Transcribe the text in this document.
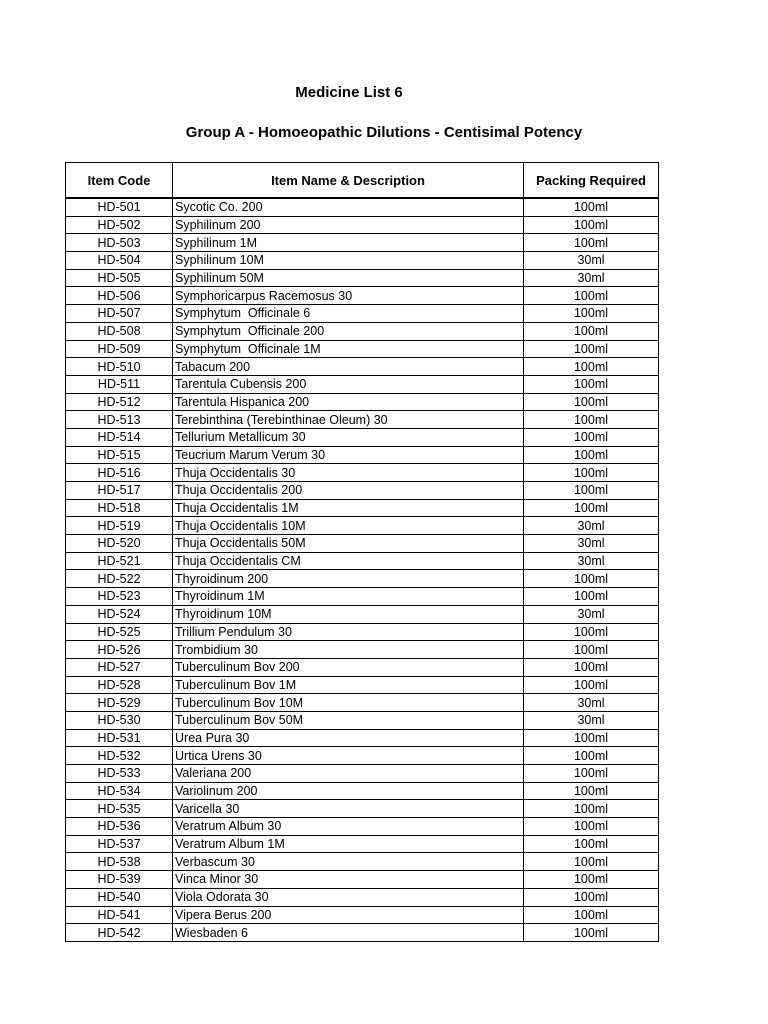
Medicine List 6
Group A - Homoeopathic Dilutions - Centisimal Potency
Item Code	Item Name & Description	Packing Required
HD-501	Sycotic Co. 200	100ml
HD-502	Syphilinum 200	100ml
HD-503	Syphilinum 1M	100ml
HD-504	Syphilinum 10M	30ml
HD-505	Syphilinum 50M	30ml
HD-506	Symphoricarpus Racemosus 30	100ml
HD-507	Symphytum  Officinale 6	100ml
HD-508	Symphytum  Officinale 200	100ml
HD-509	Symphytum  Officinale 1M	100ml
HD-510	Tabacum 200	100ml
HD-511	Tarentula Cubensis 200	100ml
HD-512	Tarentula Hispanica 200	100ml
HD-513	Terebinthina (Terebinthinae Oleum) 30	100ml
HD-514	Tellurium Metallicum 30	100ml
HD-515	Teucrium Marum Verum 30	100ml
HD-516	Thuja Occidentalis 30	100ml
HD-517	Thuja Occidentalis 200	100ml
HD-518	Thuja Occidentalis 1M	100ml
HD-519	Thuja Occidentalis 10M	30ml
HD-520	Thuja Occidentalis 50M	30ml
HD-521	Thuja Occidentalis CM	30ml
HD-522	Thyroidinum 200	100ml
HD-523	Thyroidinum 1M	100ml
HD-524	Thyroidinum 10M	30ml
HD-525	Trillium Pendulum 30	100ml
HD-526	Trombidium 30	100ml
HD-527	Tuberculinum Bov 200	100ml
HD-528	Tuberculinum Bov 1M	100ml
HD-529	Tuberculinum Bov 10M	30ml
HD-530	Tuberculinum Bov 50M	30ml
HD-531	Urea Pura 30	100ml
HD-532	Urtica Urens 30	100ml
HD-533	Valeriana 200	100ml
HD-534	Variolinum 200	100ml
HD-535	Varicella 30	100ml
HD-536	Veratrum Album 30	100ml
HD-537	Veratrum Album 1M	100ml
HD-538	Verbascum 30	100ml
HD-539	Vinca Minor 30	100ml
HD-540	Viola Odorata 30	100ml
HD-541	Vipera Berus 200	100ml
HD-542	Wiesbaden 6	100ml
